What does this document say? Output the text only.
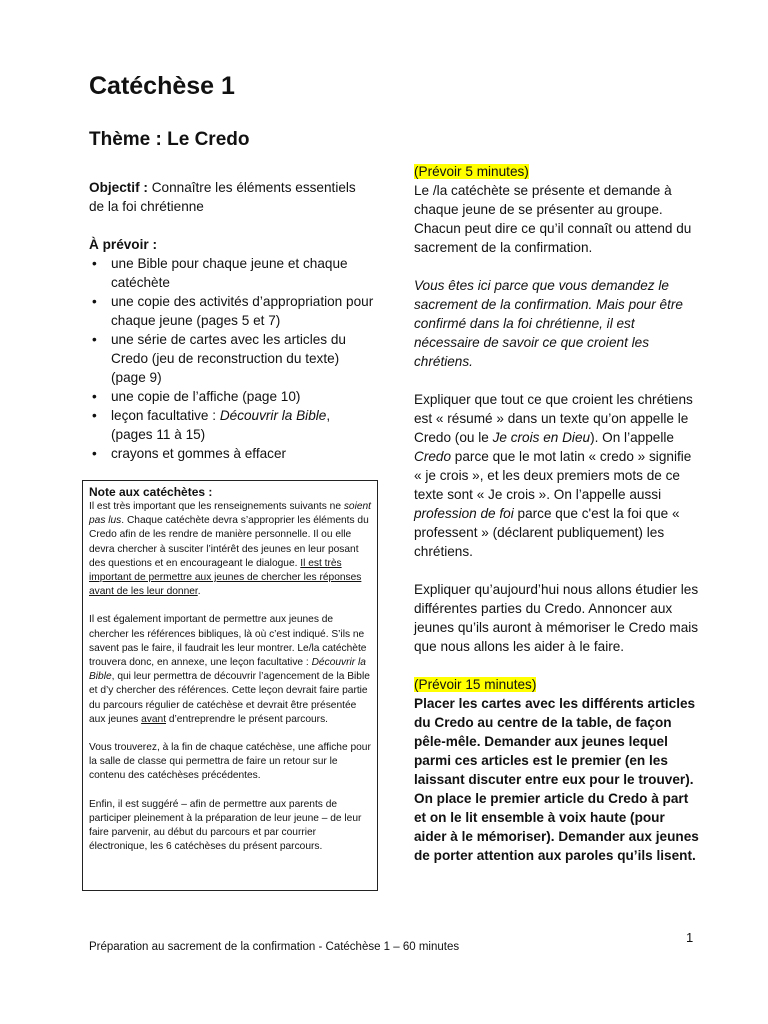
Catéchèse 1
Thème : Le Credo
Objectif : Connaître les éléments essentiels de la foi chrétienne
À prévoir :
• une Bible pour chaque jeune et chaque catéchète
• une copie des activités d’appropriation pour chaque jeune (pages 5 et 7)
• une série de cartes avec les articles du Credo (jeu de reconstruction du texte) (page 9)
• une copie de l’affiche (page 10)
• leçon facultative : Découvrir la Bible, (pages 11 à 15)
• crayons et gommes à effacer
Note aux catéchètes :

Il est très important que les renseignements suivants ne soient pas lus. Chaque catéchète devra s’approprier les éléments du Credo afin de les rendre de manière personnelle. Il ou elle devra chercher à susciter l’intérêt des jeunes en leur posant des questions et en encourageant le dialogue. Il est très important de permettre aux jeunes de chercher les réponses avant de les leur donner.

Il est également important de permettre aux jeunes de chercher les références bibliques, là où c’est indiqué. S’ils ne savent pas le faire, il faudrait les leur montrer. Le/la catéchète trouvera donc, en annexe, une leçon facultative : Découvrir la Bible, qui leur permettra de découvrir l’agencement de la Bible et d’y chercher des références. Cette leçon devrait faire partie du parcours régulier de catéchèse et devrait être présentée aux jeunes avant d’entreprendre le présent parcours.

Vous trouverez, à la fin de chaque catéchèse, une affiche pour la salle de classe qui permettra de faire un retour sur le contenu des catéchèses précédentes.

Enfin, il est suggéré – afin de permettre aux parents de participer pleinement à la préparation de leur jeune – de leur faire parvenir, au début du parcours et par courrier électronique, les 6 catéchèses du présent parcours.

(Prévoir 5 minutes)

Le /la catéchète se présente et demande à chaque jeune de se présenter au groupe. Chacun peut dire ce qu’il connaît ou attend du sacrement de la confirmation.

Vous êtes ici parce que vous demandez le sacrement de la confirmation. Mais pour être confirmé dans la foi chrétienne, il est nécessaire de savoir ce que croient les chrétiens.

Expliquer que tout ce que croient les chrétiens est « résumé » dans un texte qu’on appelle le Credo (ou le Je crois en Dieu). On l’appelle Credo parce que le mot latin « credo » signifie « je crois », et les deux premiers mots de ce texte sont « Je crois ». On l’appelle aussi profession de foi parce que c'est la foi que « professent » (déclarent publiquement) les chrétiens.

Expliquer qu’aujourd’hui nous allons étudier les différentes parties du Credo. Annoncer aux jeunes qu’ils auront à mémoriser le Credo mais que nous allons les aider à le faire.

(Prévoir 15 minutes)

Placer les cartes avec les différents articles du Credo au centre de la table, de façon pêle-mêle. Demander aux jeunes lequel parmi ces articles est le premier (en les laissant discuter entre eux pour le trouver). On place le premier article du Credo à part et on le lit ensemble à voix haute (pour aider à le mémoriser). Demander aux jeunes de porter attention aux paroles qu’ils lisent.

1
Préparation au sacrement de la confirmation - Catéchèse 1 – 60 minutes
